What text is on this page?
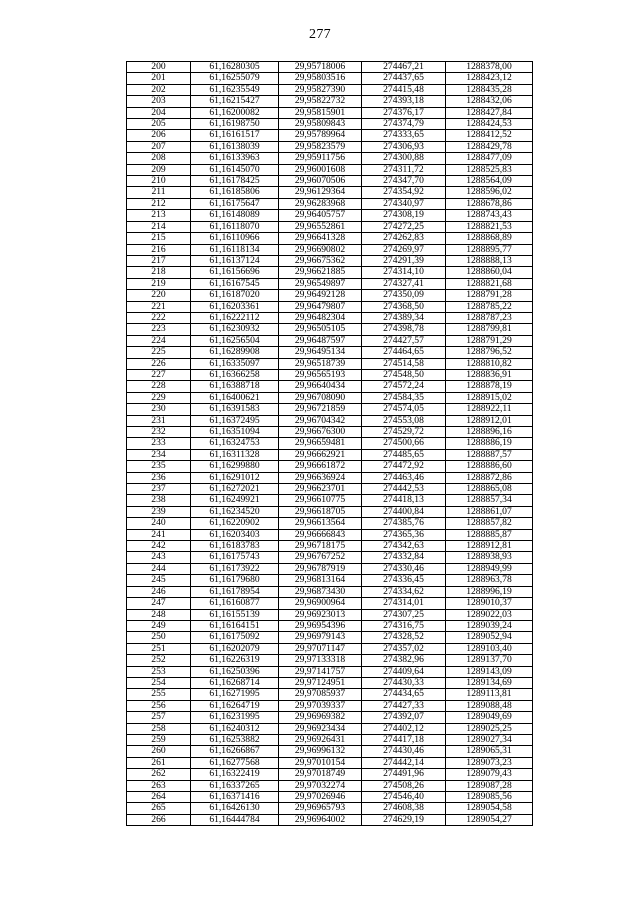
277
200	61,16280305	29,95718006	274467,21	1288378,00
201	61,16255079	29,95803516	274437,65	1288423,12
202	61,16235549	29,95827390	274415,48	1288435,28
203	61,16215427	29,95822732	274393,18	1288432,06
204	61,16200082	29,95815901	274376,17	1288427,84
205	61,16198750	29,95809843	274374,79	1288424,53
206	61,16161517	29,95789964	274333,65	1288412,52
207	61,16138039	29,95823579	274306,93	1288429,78
208	61,16133963	29,95911756	274300,88	1288477,09
209	61,16145070	29,96001608	274311,72	1288525,83
210	61,16178425	29,96070506	274347,70	1288564,09
211	61,16185806	29,96129364	274354,92	1288596,02
212	61,16175647	29,96283968	274340,97	1288678,86
213	61,16148089	29,96405757	274308,19	1288743,43
214	61,16118070	29,96552861	274272,25	1288821,53
215	61,16110966	29,96641328	274262,83	1288868,89
216	61,16118134	29,96690802	274269,97	1288895,77
217	61,16137124	29,96675362	274291,39	1288888,13
218	61,16156696	29,96621885	274314,10	1288860,04
219	61,16167545	29,96549897	274327,41	1288821,68
220	61,16187020	29,96492128	274350,09	1288791,28
221	61,16203361	29,96479807	274368,50	1288785,22
222	61,16222112	29,96482304	274389,34	1288787,23
223	61,16230932	29,96505105	274398,78	1288799,81
224	61,16256504	29,96487597	274427,57	1288791,29
225	61,16289908	29,96495134	274464,65	1288796,52
226	61,16335097	29,96518739	274514,58	1288810,82
227	61,16366258	29,96565193	274548,50	1288836,91
228	61,16388718	29,96640434	274572,24	1288878,19
229	61,16400621	29,96708090	274584,35	1288915,02
230	61,16391583	29,96721859	274574,05	1288922,11
231	61,16372495	29,96704342	274553,08	1288912,01
232	61,16351094	29,96676300	274529,72	1288896,16
233	61,16324753	29,96659481	274500,66	1288886,19
234	61,16311328	29,96662921	274485,65	1288887,57
235	61,16299880	29,96661872	274472,92	1288886,60
236	61,16291012	29,96636924	274463,46	1288872,86
237	61,16272021	29,96623701	274442,53	1288865,08
238	61,16249921	29,96610775	274418,13	1288857,34
239	61,16234520	29,96618705	274400,84	1288861,07
240	61,16220902	29,96613564	274385,76	1288857,82
241	61,16203403	29,96666843	274365,36	1288885,87
242	61,16183783	29,96718175	274342,63	1288912,81
243	61,16175743	29,96767252	274332,84	1288938,93
244	61,16173922	29,96787919	274330,46	1288949,99
245	61,16179680	29,96813164	274336,45	1288963,78
246	61,16178954	29,96873430	274334,62	1288996,19
247	61,16160877	29,96900964	274314,01	1289010,37
248	61,16155139	29,96923013	274307,25	1289022,03
249	61,16164151	29,96954396	274316,75	1289039,24
250	61,16175092	29,96979143	274328,52	1289052,94
251	61,16202079	29,97071147	274357,02	1289103,40
252	61,16226319	29,97133318	274382,96	1289137,70
253	61,16250396	29,97141757	274409,64	1289143,09
254	61,16268714	29,97124951	274430,33	1289134,69
255	61,16271995	29,97085937	274434,65	1289113,81
256	61,16264719	29,97039337	274427,33	1289088,48
257	61,16231995	29,96969382	274392,07	1289049,69
258	61,16240312	29,96923434	274402,12	1289025,25
259	61,16253882	29,96926431	274417,18	1289027,34
260	61,16266867	29,96996132	274430,46	1289065,31
261	61,16277568	29,97010154	274442,14	1289073,23
262	61,16322419	29,97018749	274491,96	1289079,43
263	61,16337265	29,97032274	274508,26	1289087,28
264	61,16371416	29,97026946	274546,40	1289085,56
265	61,16426130	29,96965793	274608,38	1289054,58
266	61,16444784	29,96964002	274629,19	1289054,27
